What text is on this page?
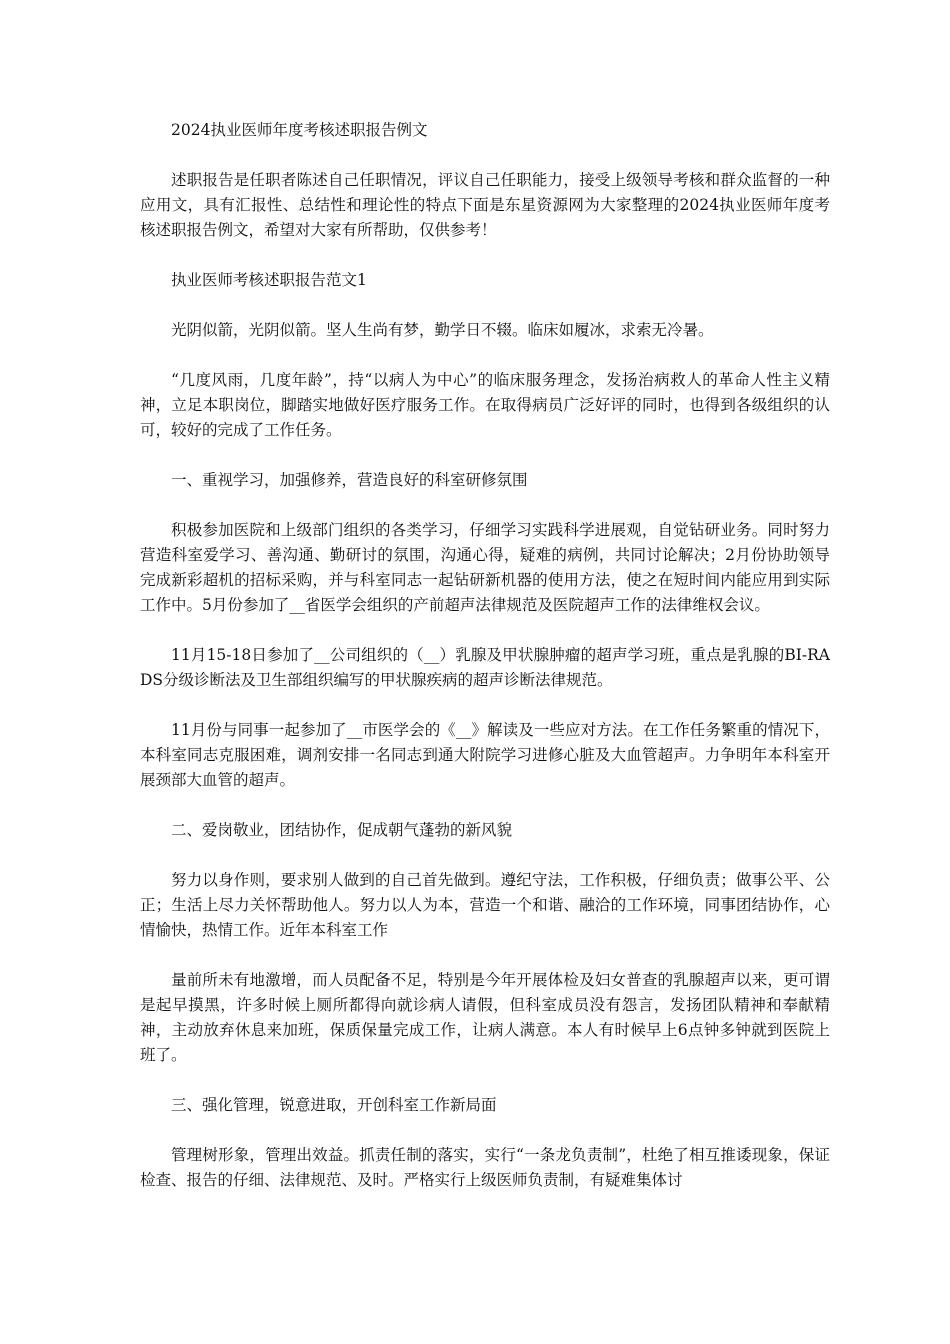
2024执业医师年度考核述职报告例文

述职报告是任职者陈述自己任职情况，评议自己任职能力，接受上级领导考核和群众监督的一种应用文，具有汇报性、总结性和理论性的特点下面是东星资源网为大家整理的2024执业医师年度考核述职报告例文，希望对大家有所帮助，仅供参考！

执业医师考核述职报告范文1

光阴似箭，光阴似箭。坚人生尚有梦，勤学日不辍。临床如履冰，求索无冷暑。

“几度风雨，几度年龄”，持“以病人为中心”的临床服务理念，发扬治病救人的革命人性主义精神，立足本职岗位，脚踏实地做好医疗服务工作。在取得病员广泛好评的同时，也得到各级组织的认可，较好的完成了工作任务。

一、重视学习，加强修养，营造良好的科室研修氛围

积极参加医院和上级部门组织的各类学习，仔细学习实践科学进展观，自觉钻研业务。同时努力营造科室爱学习、善沟通、勤研讨的氛围，沟通心得，疑难的病例，共同讨论解决；2月份协助领导完成新彩超机的招标采购，并与科室同志一起钻研新机器的使用方法，使之在短时间内能应用到实际工作中。5月份参加了__省医学会组织的产前超声法律规范及医院超声工作的法律维权会议。

11月15-18日参加了__公司组织的（__）乳腺及甲状腺肿瘤的超声学习班，重点是乳腺的BI-RADS分级诊断法及卫生部组织编写的甲状腺疾病的超声诊断法律规范。

11月份与同事一起参加了__市医学会的《__》解读及一些应对方法。在工作任务繁重的情况下，本科室同志克服困难，调剂安排一名同志到通大附院学习进修心脏及大血管超声。力争明年本科室开展颈部大血管的超声。

二、爱岗敬业，团结协作，促成朝气蓬勃的新风貌

努力以身作则，要求别人做到的自己首先做到。遵纪守法，工作积极，仔细负责；做事公平、公正；生活上尽力关怀帮助他人。努力以人为本，营造一个和谐、融洽的工作环境，同事团结协作，心情愉快，热情工作。近年本科室工作

量前所未有地激增，而人员配备不足，特别是今年开展体检及妇女普查的乳腺超声以来，更可谓是起早摸黑，许多时候上厕所都得向就诊病人请假，但科室成员没有怨言，发扬团队精神和奉献精神，主动放弃休息来加班，保质保量完成工作，让病人满意。本人有时候早上6点钟多钟就到医院上班了。

三、强化管理，锐意进取，开创科室工作新局面

管理树形象，管理出效益。抓责任制的落实，实行“一条龙负责制”，杜绝了相互推诿现象，保证检查、报告的仔细、法律规范、及时。严格实行上级医师负责制，有疑难集体讨
